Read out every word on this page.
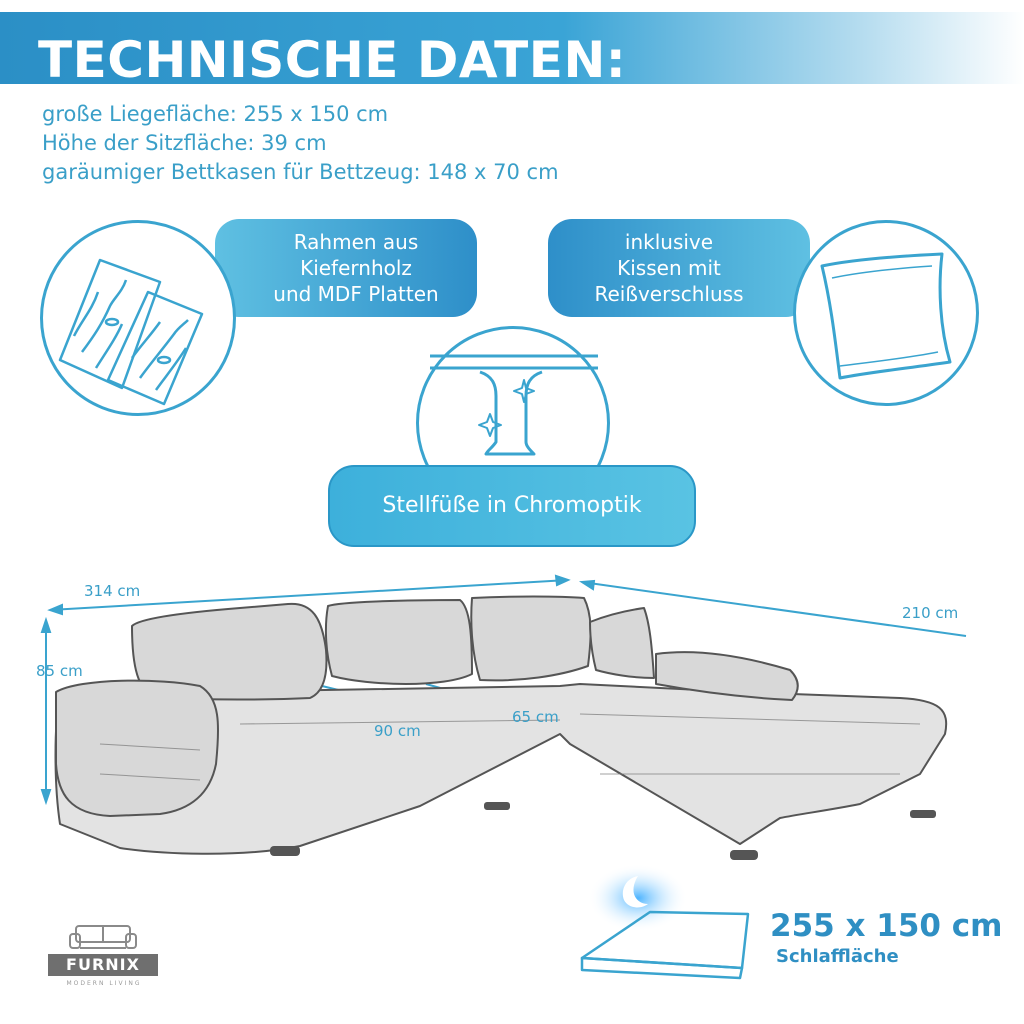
TECHNISCHE DATEN:
große Liegefläche: 255 x 150 cm
Höhe der Sitzfläche: 39 cm
garäumiger Bettkasen für Bettzeug: 148 x 70 cm
Rahmen aus
Kiefernholz
und MDF Platten
inklusive
Kissen mit
Reißverschluss
Stellfüße in Chromoptik
314 cm
210 cm
85 cm
90 cm
65 cm
255 x 150 cm
Schlaffläche
FURNIX
MODERN LIVING
